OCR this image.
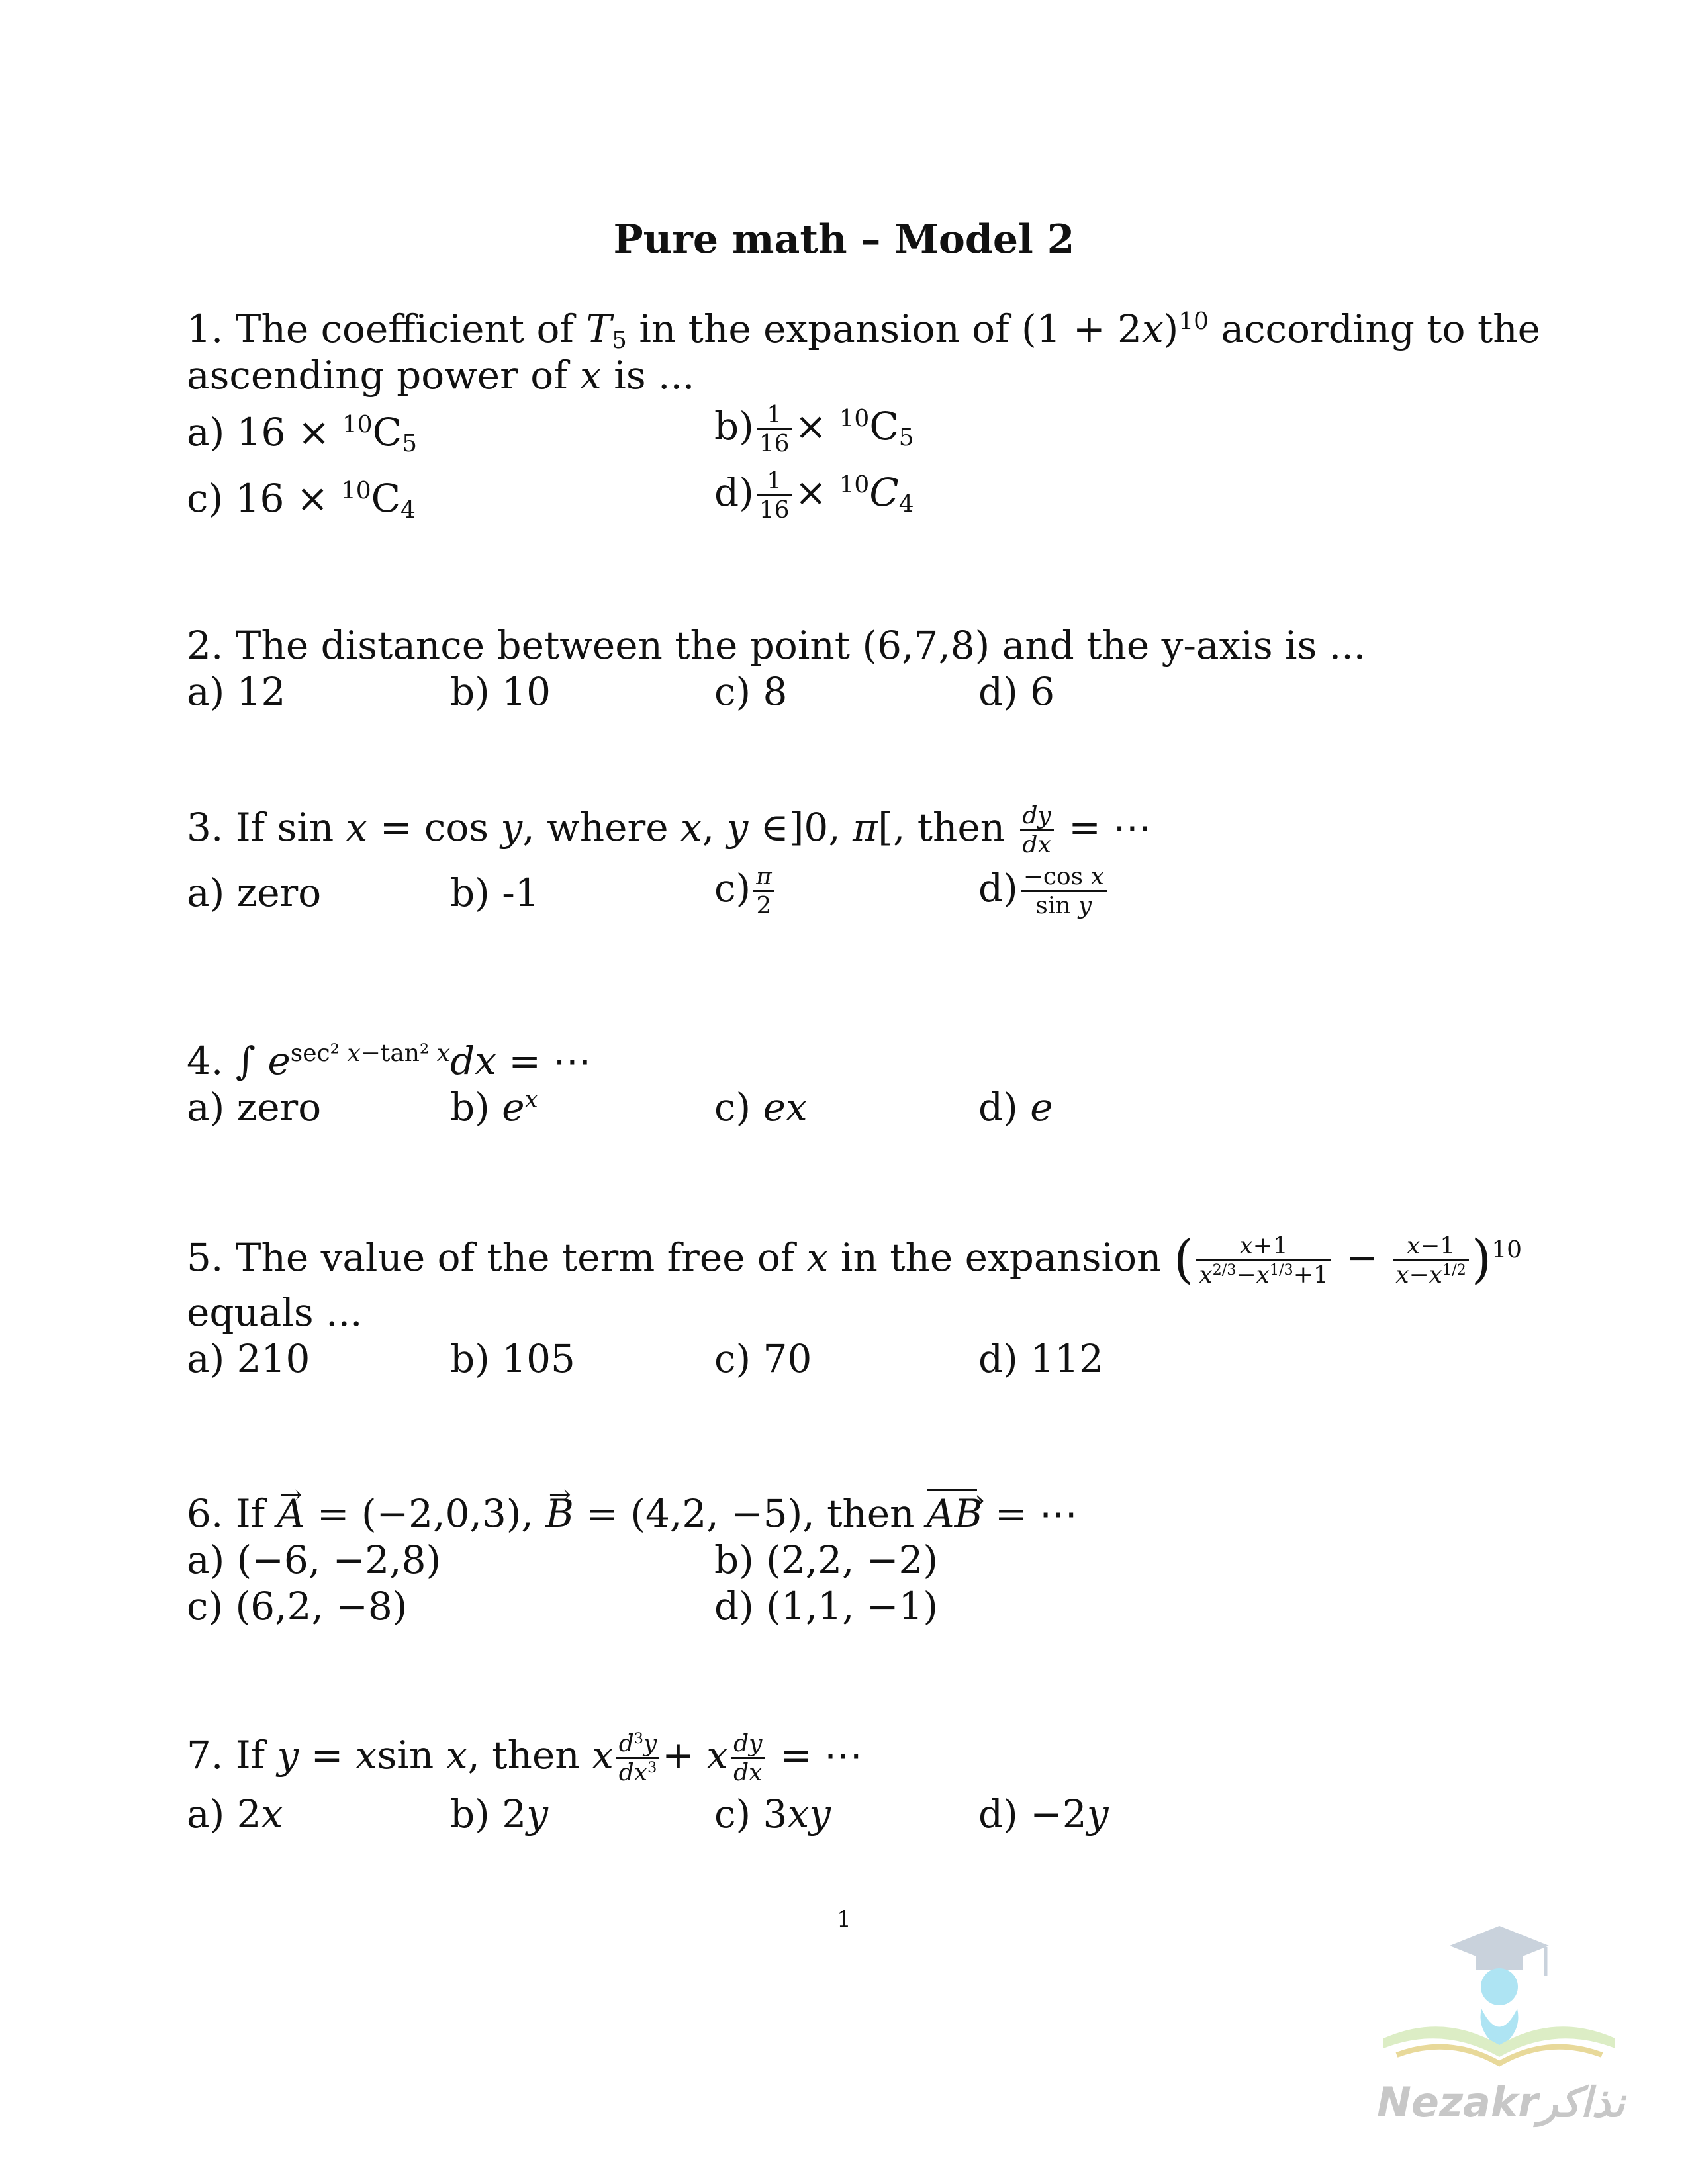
Pure math – Model 2
1. The coefficient of $T_5$ in the expansion of $(1 + 2x)^{10}$ according to the
ascending power of x is ...
a) $16 \times ^{10}C_5$	$b) \frac{1}{16} \times ^{10}C_5$
c) $16 \times ^{10}C_4$	$d) \frac{1}{16} \times ^{10}C_4$
2. The distance between the point (6,7,8) and the y-axis is ...
a) 12	b) 10	c) 8	d) 6
3. If sin x = cos y, where x, y ∈]0, π[, then $\frac{dy}{dx}$ = ⋯
a) zero	b) -1	$c) \frac{\pi}{2}$	$d) \frac{\text{−cos x}}{\text{sin y}}$
4. ∫ $e^{sec^2 x-tan^2 x}dx$ = ⋯
a) zero	b) $e^x$	c) ex	d) e
5. The value of the term free of x in the expansion ( $\frac{x+1}{x^{2/3}-x^{1/3}+1} - \frac{x-1}{x-x^{1/2}} )^{10}$
equals ...
a) 210	b) 105	c) 70	d) 112
6. If → A = (−2,0,3), → B = (4,2, −5), then AB › = ⋯
a) (−6, −2,8)	b) (2,2, −2)
c) (6,2, −8)	d) (1,1, −1)
7. If y = xsin x, then x $\frac{d^3y}{dx^3} + x \frac{dy}{dx}$ = ⋯
a) 2x	b) 2y	c) 3xy	d) −2y
1
Nezakrنذاكر
